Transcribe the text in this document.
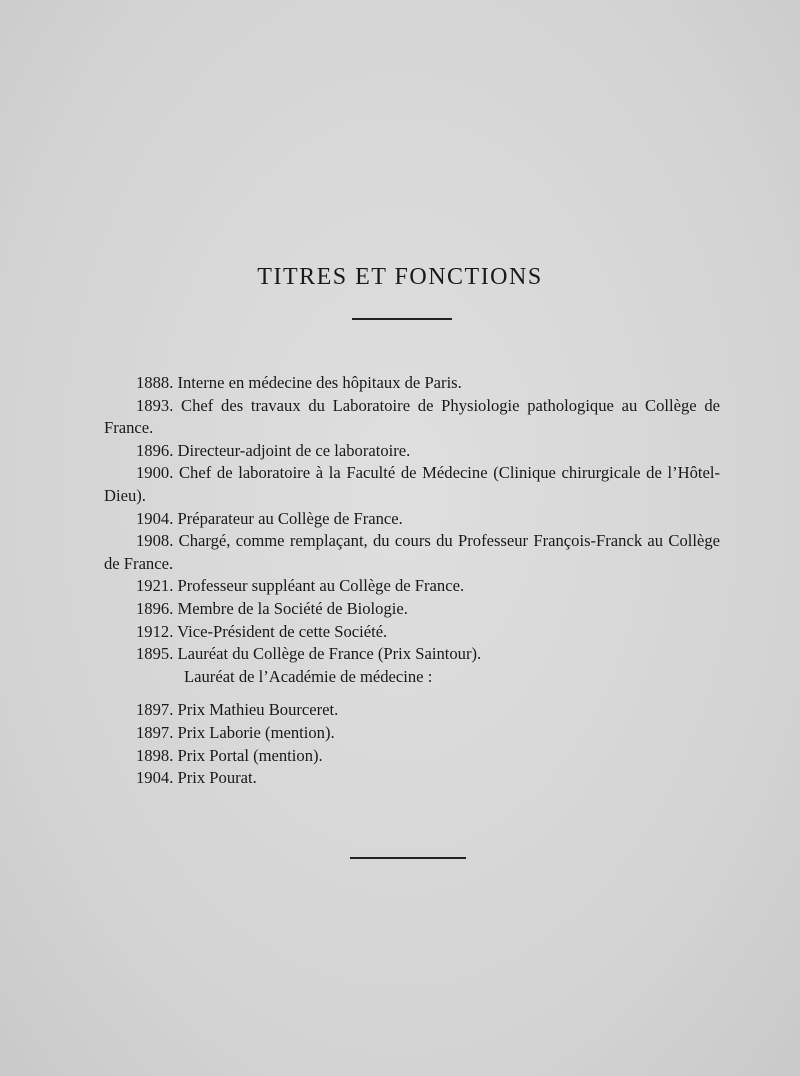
TITRES ET FONCTIONS

1888. Interne en médecine des hôpitaux de Paris.

1893. Chef des travaux du Laboratoire de Physiologie pathologique au Collège de France.

1896. Directeur-adjoint de ce laboratoire.

1900. Chef de laboratoire à la Faculté de Médecine (Clinique chirurgicale de l’Hôtel-Dieu).

1904. Préparateur au Collège de France.

1908. Chargé, comme remplaçant, du cours du Professeur François-Franck au Collège de France.

1921. Professeur suppléant au Collège de France.

1896. Membre de la Société de Biologie.

1912. Vice-Président de cette Société.

1895. Lauréat du Collège de France (Prix Saintour).

Lauréat de l’Académie de médecine :

1897. Prix Mathieu Bourceret.

1897. Prix Laborie (mention).

1898. Prix Portal (mention).

1904. Prix Pourat.
